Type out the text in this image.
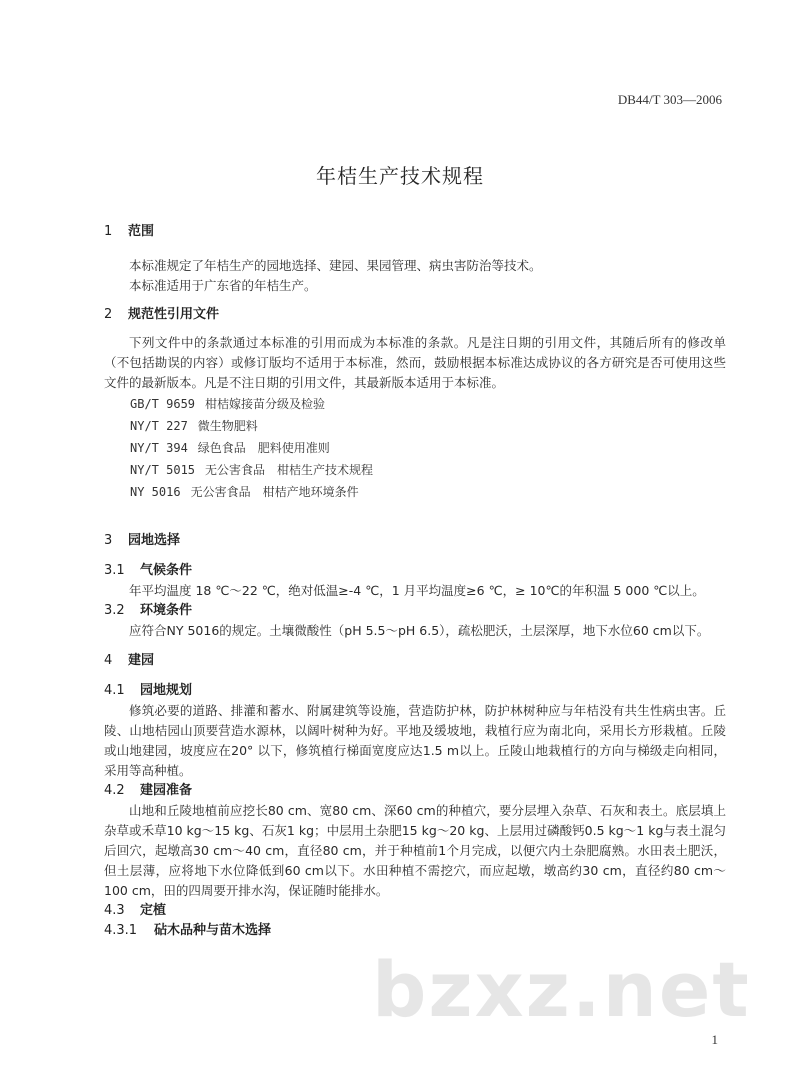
DB44/T 303—2006
年桔生产技术规程

1 范围

本标准规定了年桔生产的园地选择、建园、果园管理、病虫害防治等技术。

本标准适用于广东省的年桔生产。

2 规范性引用文件

下列文件中的条款通过本标准的引用而成为本标准的条款。凡是注日期的引用文件，其随后所有的修改单（不包括勘误的内容）或修订版均不适用于本标准，然而，鼓励根据本标准达成协议的各方研究是否可使用这些文件的最新版本。凡是不注日期的引用文件，其最新版本适用于本标准。

GB/T 9659 柑桔嫁接苗分级及检验

NY/T 227 微生物肥料

NY/T 394 绿色食品　肥料使用准则

NY/T 5015 无公害食品　柑桔生产技术规程

NY 5016 无公害食品　柑桔产地环境条件

3 园地选择

3.1 气候条件

年平均温度 18 ℃～22 ℃，绝对低温≥-4 ℃，1 月平均温度≥6 ℃，≥ 10℃的年积温 5 000 ℃以上。

3.2 环境条件

应符合NY 5016的规定。土壤微酸性（pH 5.5～pH 6.5），疏松肥沃，土层深厚，地下水位60 cm以下。

4 建园

4.1 园地规划

修筑必要的道路、排灌和蓄水、附属建筑等设施，营造防护林，防护林树种应与年桔没有共生性病虫害。丘陵、山地桔园山顶要营造水源林，以阔叶树种为好。平地及缓坡地，栽植行应为南北向，采用长方形栽植。丘陵或山地建园，坡度应在20° 以下，修筑植行梯面宽度应达1.5 m以上。丘陵山地栽植行的方向与梯级走向相同，采用等高种植。

4.2 建园准备

山地和丘陵地植前应挖长80 cm、宽80 cm、深60 cm的种植穴，要分层埋入杂草、石灰和表土。底层填上杂草或禾草10 kg～15 kg、石灰1 kg；中层用土杂肥15 kg～20 kg、上层用过磷酸钙0.5 kg～1 kg与表土混匀后回穴，起墩高30 cm～40 cm，直径80 cm，并于种植前1个月完成，以便穴内土杂肥腐熟。水田表土肥沃，但土层薄，应将地下水位降低到60 cm以下。水田种植不需挖穴，而应起墩，墩高约30 cm，直径约80 cm～100 cm，田的四周要开排水沟，保证随时能排水。

4.3 定植

4.3.1 砧木品种与苗木选择

bzxz.net
1
